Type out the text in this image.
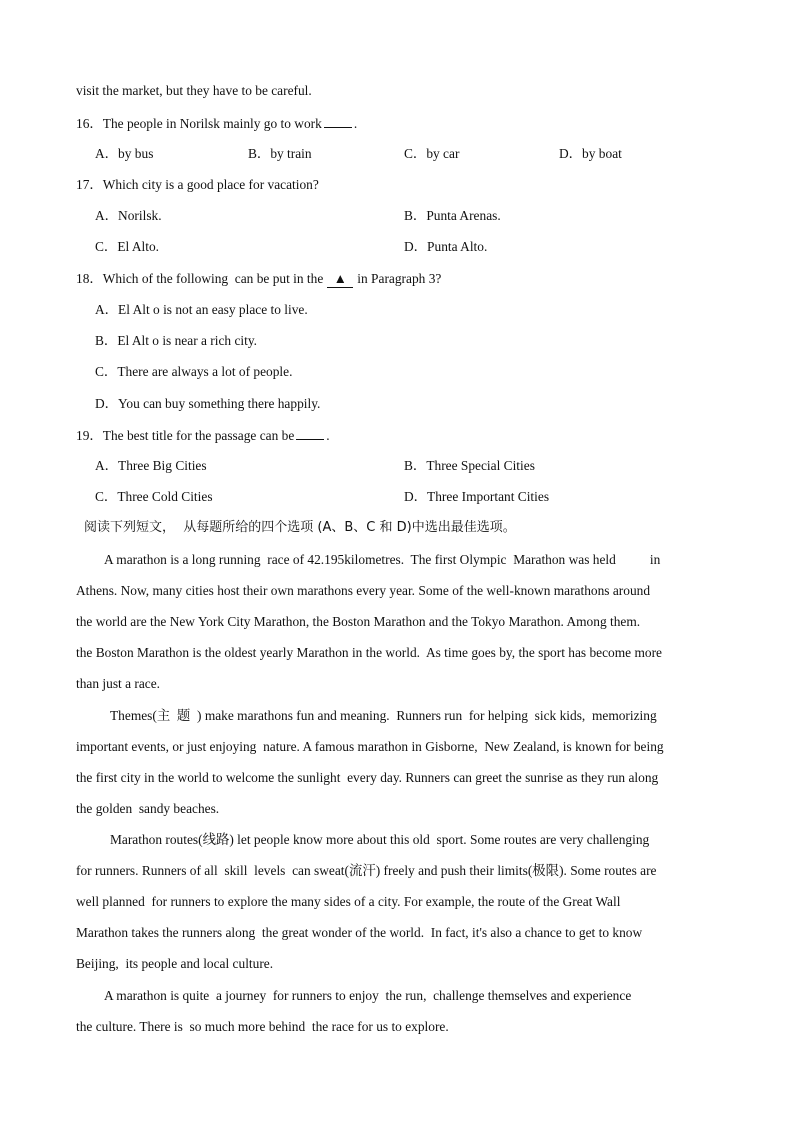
visit the market, but they have to be careful.
16．The people in Norilsk mainly go to work .
A．by bus	B．by train	C．by car	D．by boat
17．Which city is a good place for vacation?
A．Norilsk.	B．Punta Arenas.
C．El Alto.	D．Punta Alto.
18．Which of the following  can be put in the ▲ in Paragraph 3?
A．El Alt o is not an easy place to live.
B．El Alt o is near a rich city.
C．There are always a lot of people.
D．You can buy something there happily.
19．The best title for the passage can be .
A．Three Big Cities	B．Three Special Cities
C．Three Cold Cities	D．Three Important Cities
阅读下列短文，  从每题所给的四个选项 (A、B、C 和 D)中选出最佳选项。
A marathon is a long running  race of 42.195kilometres.  The first Olympic  Marathon was held	in
Athens. Now, many cities host their own marathons every year. Some of the well-known marathons around
the world are the New York City Marathon, the Boston Marathon and the Tokyo Marathon. Among them.
the Boston Marathon is the oldest yearly Marathon in the world.  As time goes by, the sport has become more
than just a race.
Themes(主  题  ) make marathons fun and meaning.  Runners run  for helping  sick kids,  memorizing
important events, or just enjoying  nature. A famous marathon in Gisborne,  New Zealand, is known for being
the first city in the world to welcome the sunlight  every day. Runners can greet the sunrise as they run along
the golden  sandy beaches.
Marathon routes(线路) let people know more about this old  sport. Some routes are very challenging
for runners. Runners of all  skill  levels  can sweat(流汗) freely and push their limits(极限). Some routes are
well planned  for runners to explore the many sides of a city. For example, the route of the Great Wall
Marathon takes the runners along  the great wonder of the world.  In fact, it's also a chance to get to know
Beijing,  its people and local culture.
A marathon is quite  a journey  for runners to enjoy  the run,  challenge themselves and experience
the culture. There is  so much more behind  the race for us to explore.
